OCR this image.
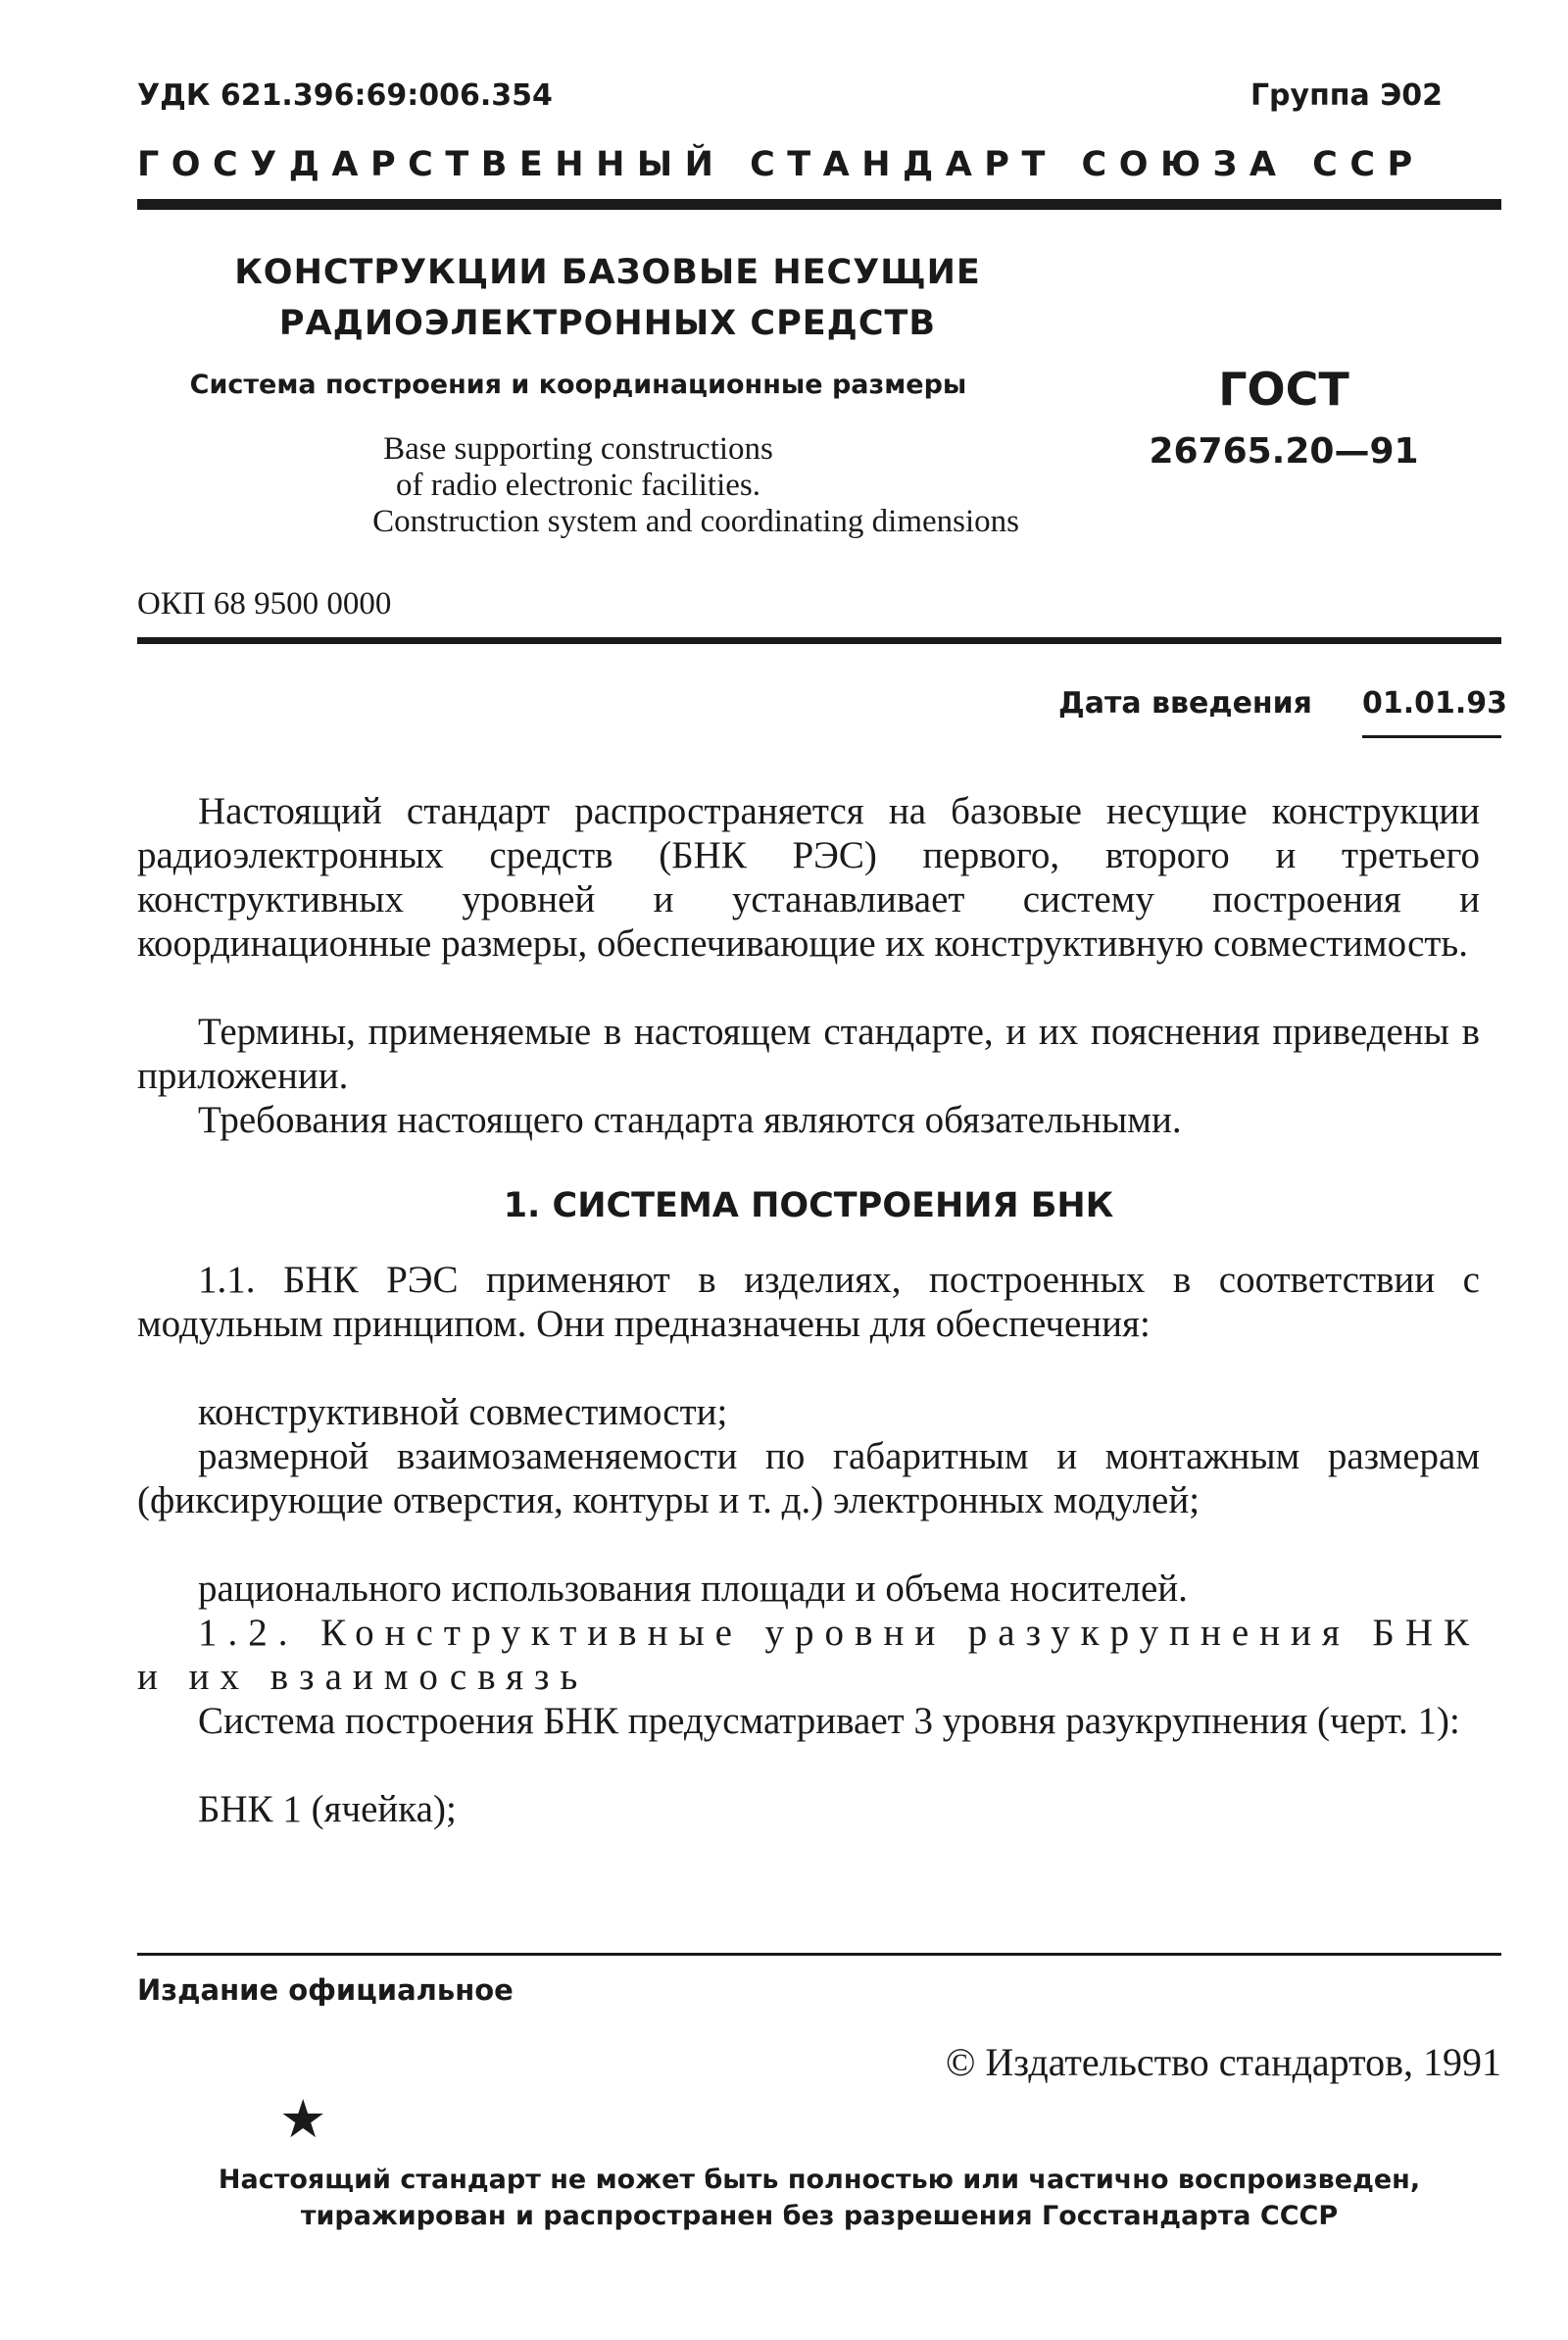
УДК 621.396:69:006.354	Группа Э02
ГОСУДАРСТВЕННЫЙ СТАНДАРТ СОЮЗА ССР
КОНСТРУКЦИИ БАЗОВЫЕ НЕСУЩИЕ
РАДИОЭЛЕКТРОННЫХ СРЕДСТВ
Система построения и координационные размеры
Base supporting constructions
of radio electronic facilities.
Construction system and coordinating dimensions
ГОСТ
26765.20—91
ОКП 68 9500 0000
Дата введения 01.01.93

Настоящий стандарт распространяется на базовые несущие конструкции радиоэлектронных средств (БНК РЭС) первого, второго и третьего конструктивных уровней и устанавливает систему построения и координационные размеры, обеспечивающие их конструктивную совместимость.

Термины, применяемые в настоящем стандарте, и их пояснения приведены в приложении.

Требования настоящего стандарта являются обязательными.

1. СИСТЕМА ПОСТРОЕНИЯ БНК

1.1. БНК РЭС применяют в изделиях, построенных в соответствии с модульным принципом. Они предназначены для обеспечения:

конструктивной совместимости;

размерной взаимозаменяемости по габаритным и монтажным размерам (фиксирующие отверстия, контуры и т. д.) электронных модулей;

рационального использования площади и объема носителей.

1.2. Конструктивные уровни разукрупнения БНК и их взаимосвязь

Система построения БНК предусматривает 3 уровня разукрупнения (черт. 1):

БНК 1 (ячейка);

Издание официальное
© Издательство стандартов, 1991
★
Настоящий стандарт не может быть полностью или частично воспроизведен,
тиражирован и распространен без разрешения Госстандарта СССР
